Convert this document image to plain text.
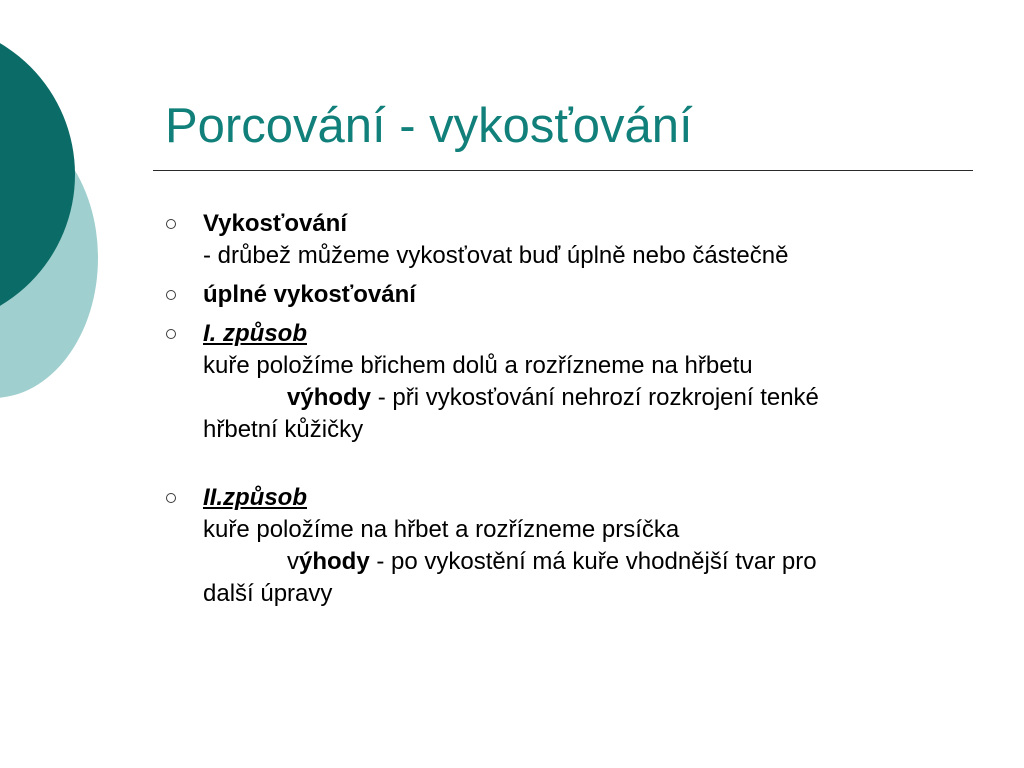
Porcování - vykosťování
Vykosťování
- drůbež můžeme vykosťovat buď úplně nebo částečně
úplné vykosťování
I. způsob
kuře položíme břichem dolů a rozřízneme na hřbetu
výhody - při vykosťování nehrozí rozkrojení tenké
hřbetní kůžičky
II.způsob
kuře položíme na hřbet a rozřízneme prsíčka
výhody - po vykostění má kuře vhodnější tvar pro
další úpravy
